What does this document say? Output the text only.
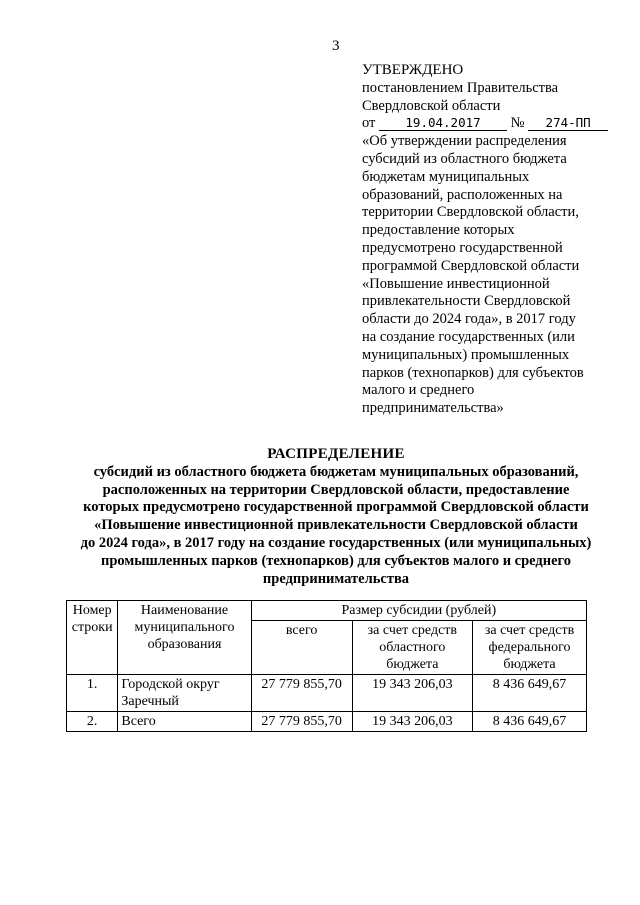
3
УТВЕРЖДЕНО
постановлением Правительства
Свердловской области
от 19.04.2017 № 274-ПП
«Об утверждении распределения
субсидий из областного бюджета
бюджетам муниципальных
образований, расположенных на
территории Свердловской области,
предоставление которых
предусмотрено государственной
программой Свердловской области
«Повышение инвестиционной
привлекательности Свердловской
области до 2024 года», в 2017 году
на создание государственных (или
муниципальных) промышленных
парков (технопарков) для субъектов
малого и среднего
предпринимательства»
РАСПРЕДЕЛЕНИЕ
субсидий из областного бюджета бюджетам муниципальных образований,
расположенных на территории Свердловской области, предоставление
которых предусмотрено государственной программой Свердловской области
«Повышение инвестиционной привлекательности Свердловской области
до 2024 года», в 2017 году на создание государственных (или муниципальных)
промышленных парков (технопарков) для субъектов малого и среднего
предпринимательства
Номер строки	Наименование муниципального образования	Размер субсидии (рублей)		
		всего	за счет средств областного бюджета	за счет средств федерального бюджета
1.	Городской округ Заречный	27 779 855,70	19 343 206,03	8 436 649,67
2.	Всего	27 779 855,70	19 343 206,03	8 436 649,67
